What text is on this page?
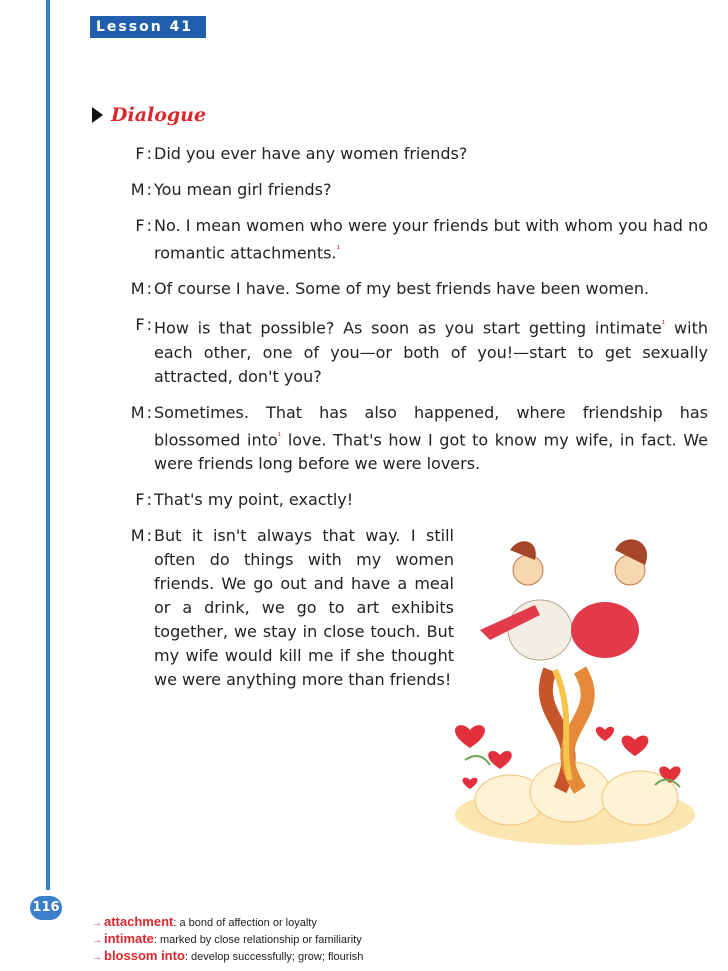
Lesson 41
Dialogue
F : Did you ever have any women friends?
M : You mean girl friends?
F : No. I mean women who were your friends but with whom you had no romantic attachments.$^{^1}$
M : Of course I have. Some of my best friends have been women.
F : How is that possible? As soon as you start getting intimate$^{^1}$ with each other, one of you—or both of you!—start to get sexually attracted, don't you?
M : Sometimes. That has also happened, where friendship has blossomed into$^{^1}$ love. That's how I got to know my wife, in fact. We were friends long before we were lovers.
F : That's my point, exactly!
M : But it isn't always that way. I still often do things with my women friends. We go out and have a meal or a drink, we go to art exhibits together, we stay in close touch. But my wife would kill me if she thought we were anything more than friends!
116
→ attachment : a bond of affection or loyalty
→ intimate : marked by close relationship or familiarity
→ blossom into : develop successfully; grow; flourish
